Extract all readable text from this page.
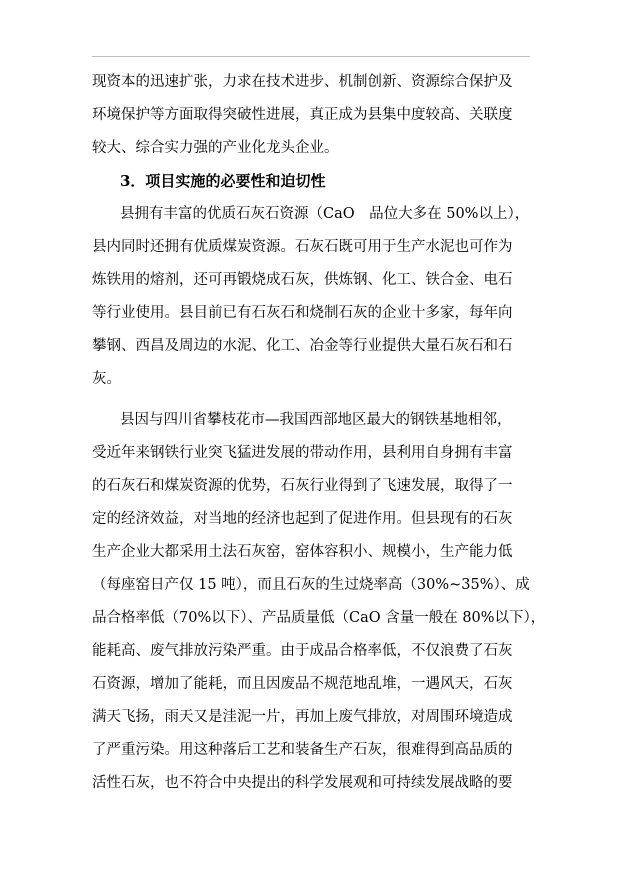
现资本的迅速扩张，力求在技术进步、机制创新、资源综合保护及
环境保护等方面取得突破性进展，真正成为县集中度较高、关联度
较大、综合实力强的产业化龙头企业。
3．项目实施的必要性和迫切性
县拥有丰富的优质石灰石资源（CaO　品位大多在 50%以上），
县内同时还拥有优质煤炭资源。石灰石既可用于生产水泥也可作为
炼铁用的熔剂，还可再锻烧成石灰，供炼钢、化工、铁合金、电石
等行业使用。县目前已有石灰石和烧制石灰的企业十多家，每年向
攀钢、西昌及周边的水泥、化工、冶金等行业提供大量石灰石和石
灰。
县因与四川省攀枝花市—我国西部地区最大的钢铁基地相邻，
受近年来钢铁行业突飞猛进发展的带动作用，县利用自身拥有丰富
的石灰石和煤炭资源的优势，石灰行业得到了飞速发展，取得了一
定的经济效益，对当地的经济也起到了促进作用。但县现有的石灰
生产企业大都采用土法石灰窑，窑体容积小、规模小，生产能力低
（每座窑日产仅 15 吨），而且石灰的生过烧率高（30%~35%）、成
品合格率低（70%以下）、产品质量低（CaO 含量一般在 80%以下），
能耗高、废气排放污染严重。由于成品合格率低，不仅浪费了石灰
石资源，增加了能耗，而且因废品不规范地乱堆，一遇风天，石灰
满天飞扬，雨天又是洼泥一片，再加上废气排放，对周围环境造成
了严重污染。用这种落后工艺和装备生产石灰，很难得到高品质的
活性石灰，也不符合中央提出的科学发展观和可持续发展战略的要
